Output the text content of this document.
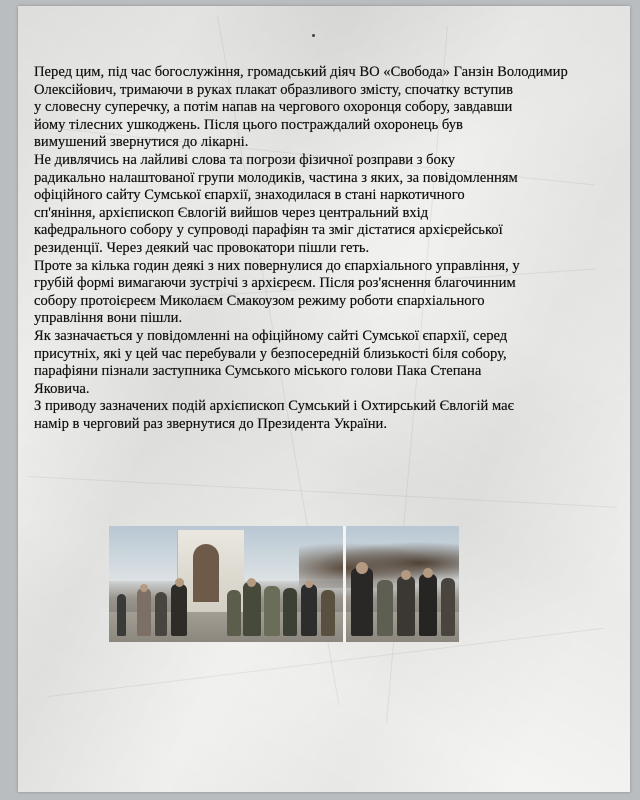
Перед цим, під час богослужіння, громадський діяч ВО «Свобода» Ганзін Володимир
Олексійович, тримаючи в руках плакат образливого змісту, спочатку вступив
у словесну суперечку, а потім напав на чергового охоронця собору, завдавши
йому тілесних ушкоджень. Після цього постраждалий охоронець був
вимушений звернутися до лікарні.

Не дивлячись на лайливі слова та погрози фізичної розправи з боку
радикально налаштованої групи молодиків, частина з яких, за повідомленням
офіційного сайту Сумської єпархії, знаходилася в стані наркотичного
сп'яніння, архієпископ Євлогій вийшов через центральний вхід
кафедрального собору у супроводі парафіян та зміг дістатися архієрейської
резиденції. Через деякий час провокатори пішли геть.

Проте за кілька годин деякі з них повернулися до єпархіального управління, у
грубій формі вимагаючи зустрічі з архієреєм. Після роз'яснення благочинним
собору протоієреєм Миколаєм Смакоузом режиму роботи єпархіального
управління вони пішли.

Як зазначається у повідомленні на офіційному сайті Сумської єпархії, серед
присутніх, які у цей час перебували у безпосередній близькості біля собору,
парафіяни пізнали заступника Сумського міського голови Пака Степана
Яковича.

З приводу зазначених подій архієпископ Сумський і Охтирський Євлогій має
намір в черговий раз звернутися до Президента України.
